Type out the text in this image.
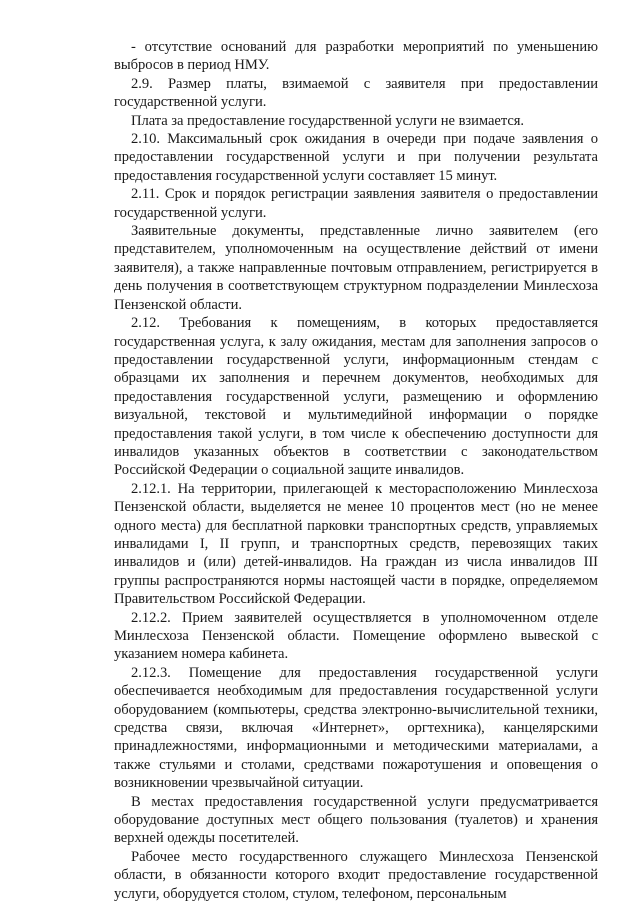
- отсутствие оснований для разработки мероприятий по уменьшению выбросов в период НМУ.

2.9. Размер платы, взимаемой с заявителя при предоставлении государственной услуги.

Плата за предоставление государственной услуги не взимается.

2.10. Максимальный срок ожидания в очереди при подаче заявления о предоставлении государственной услуги и при получении результата предоставления государственной услуги составляет 15 минут.

2.11. Срок и порядок регистрации заявления заявителя о предоставлении государственной услуги.

Заявительные документы, представленные лично заявителем (его представителем, уполномоченным на осуществление действий от имени заявителя), а также направленные почтовым отправлением, регистрируется в день получения в соответствующем структурном подразделении Минлесхоза Пензенской области.

2.12. Требования к помещениям, в которых предоставляется государственная услуга, к залу ожидания, местам для заполнения запросов о предоставлении государственной услуги, информационным стендам с образцами их заполнения и перечнем документов, необходимых для предоставления государственной услуги, размещению и оформлению визуальной, текстовой и мультимедийной информации о порядке предоставления такой услуги, в том числе к обеспечению доступности для инвалидов указанных объектов в соответствии с законодательством Российской Федерации о социальной защите инвалидов.

2.12.1. На территории, прилегающей к месторасположению Минлесхоза Пензенской области, выделяется не менее 10 процентов мест (но не менее одного места) для бесплатной парковки транспортных средств, управляемых инвалидами I, II групп, и транспортных средств, перевозящих таких инвалидов и (или) детей-инвалидов. На граждан из числа инвалидов III группы распространяются нормы настоящей части в порядке, определяемом Правительством Российской Федерации.

2.12.2. Прием заявителей осуществляется в уполномоченном отделе Минлесхоза Пензенской области. Помещение оформлено вывеской с указанием номера кабинета.

2.12.3. Помещение для предоставления государственной услуги обеспечивается необходимым для предоставления государственной услуги оборудованием (компьютеры, средства электронно-вычислительной техники, средства связи, включая «Интернет», оргтехника), канцелярскими принадлежностями, информационными и методическими материалами, а также стульями и столами, средствами пожаротушения и оповещения о возникновении чрезвычайной ситуации.

В местах предоставления государственной услуги предусматривается оборудование доступных мест общего пользования (туалетов) и хранения верхней одежды посетителей.

Рабочее место государственного служащего Минлесхоза Пензенской области, в обязанности которого входит предоставление государственной услуги, оборудуется столом, стулом, телефоном, персональным
